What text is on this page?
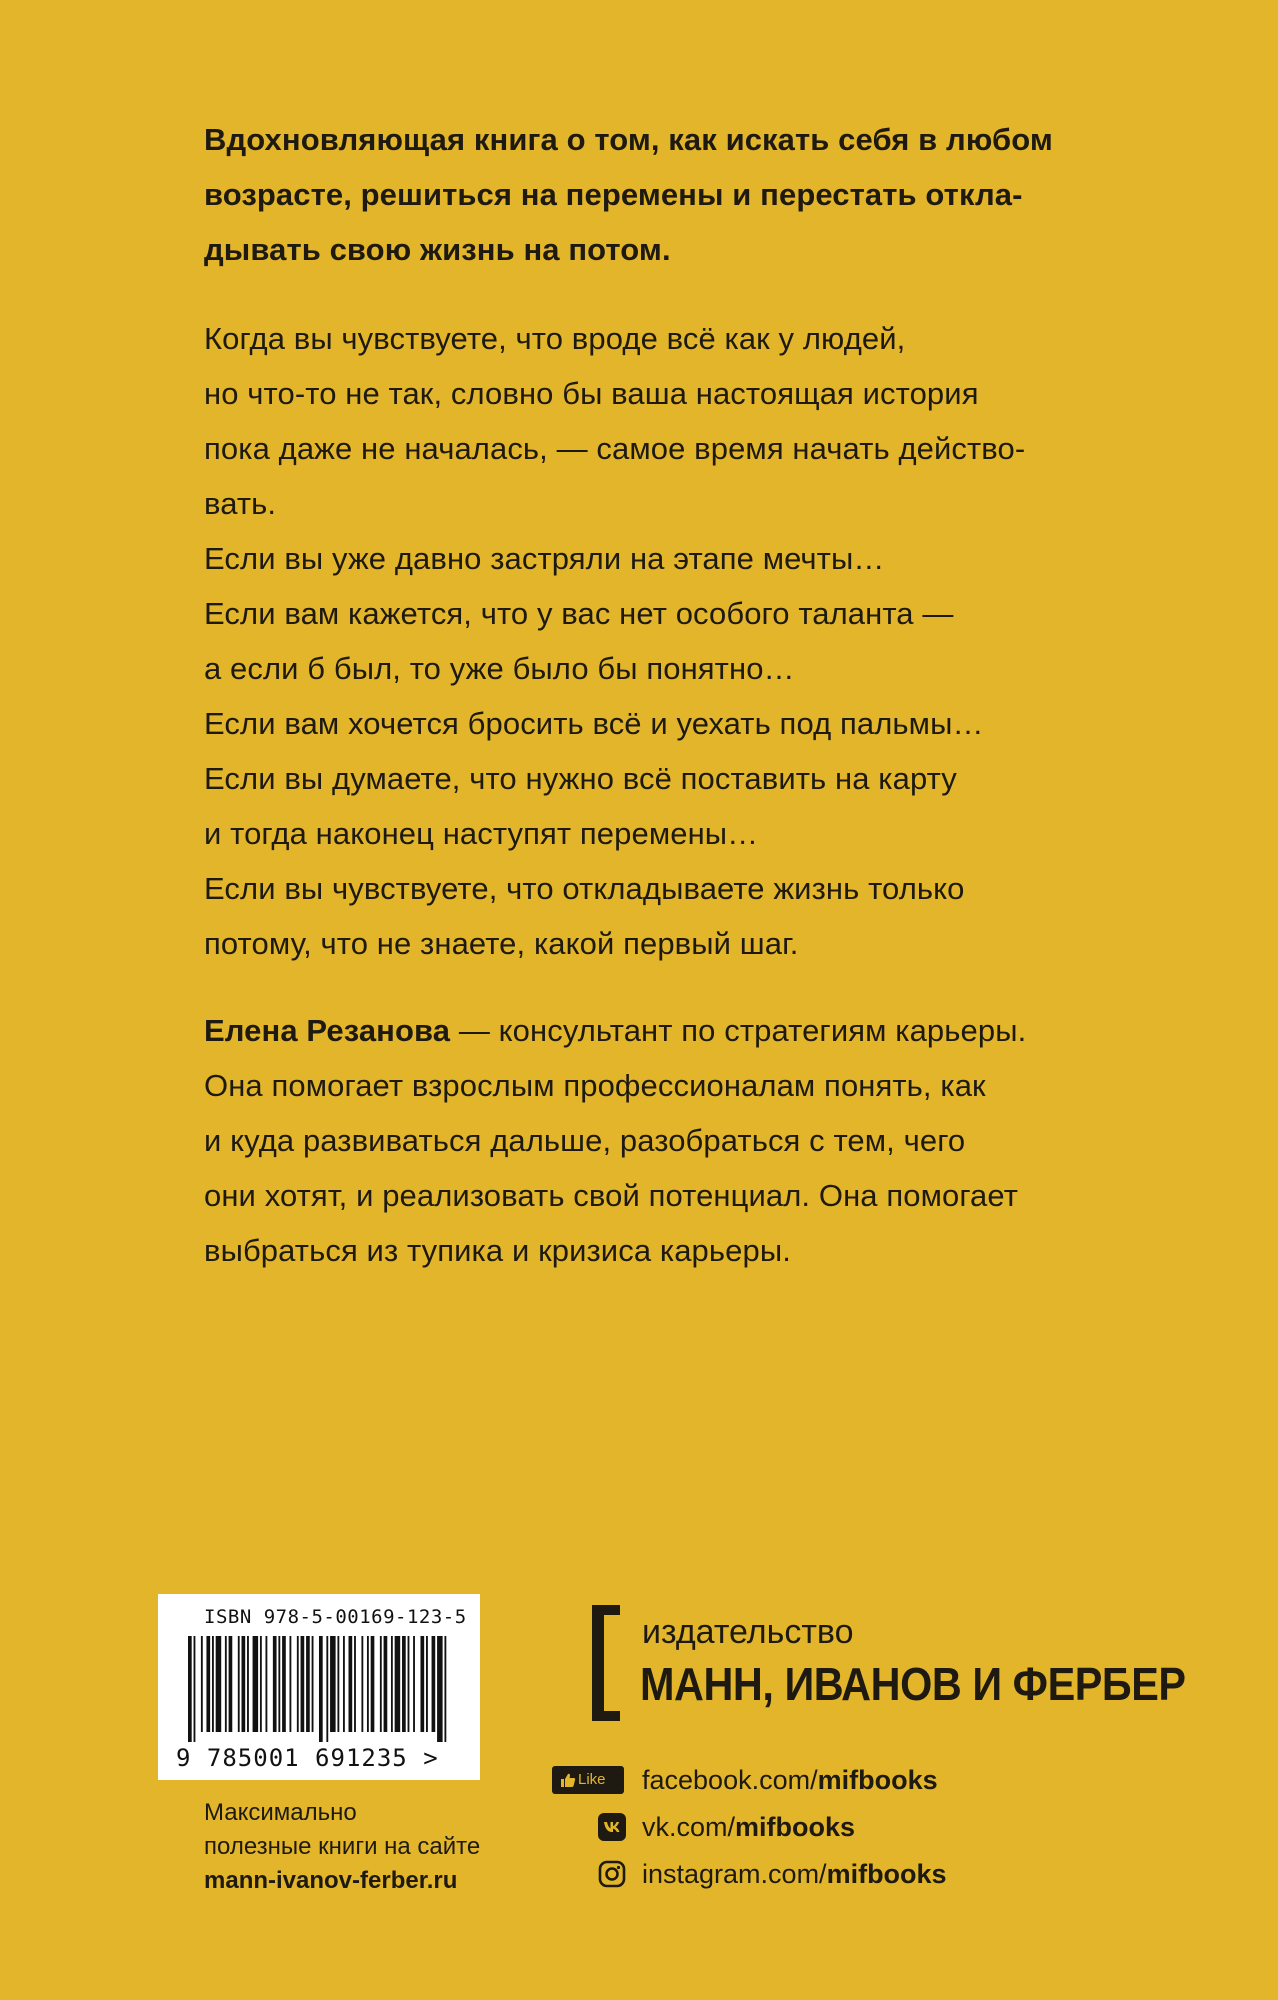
Вдохновляющая книга о том, как искать себя в любом

возрасте, решиться на перемены и перестать откла-

дывать свою жизнь на потом.

Когда вы чувствуете, что вроде всё как у людей,

но что-то не так, словно бы ваша настоящая история

пока даже не началась, — самое время начать действо-

вать.

Если вы уже давно застряли на этапе мечты…

Если вам кажется, что у вас нет особого таланта —

а если б был, то уже было бы понятно…

Если вам хочется бросить всё и уехать под пальмы…

Если вы думаете, что нужно всё поставить на карту

и тогда наконец наступят перемены…

Если вы чувствуете, что откладываете жизнь только

потому, что не знаете, какой первый шаг.

Елена Резанова — консультант по стратегиям карьеры.

Она помогает взрослым профессионалам понять, как

и куда развиваться дальше, разобраться с тем, чего

они хотят, и реализовать свой потенциал. Она помогает

выбраться из тупика и кризиса карьеры.

ISBN 978-5-00169-123-5
9 785001 691235 >

Максимально

полезные книги на сайте

mann-ivanov-ferber.ru

издательство
МАНН, ИВАНОВ И ФЕРБЕР
Like	facebook.com/mifbooks
vk.com/mifbooks
instagram.com/mifbooks
